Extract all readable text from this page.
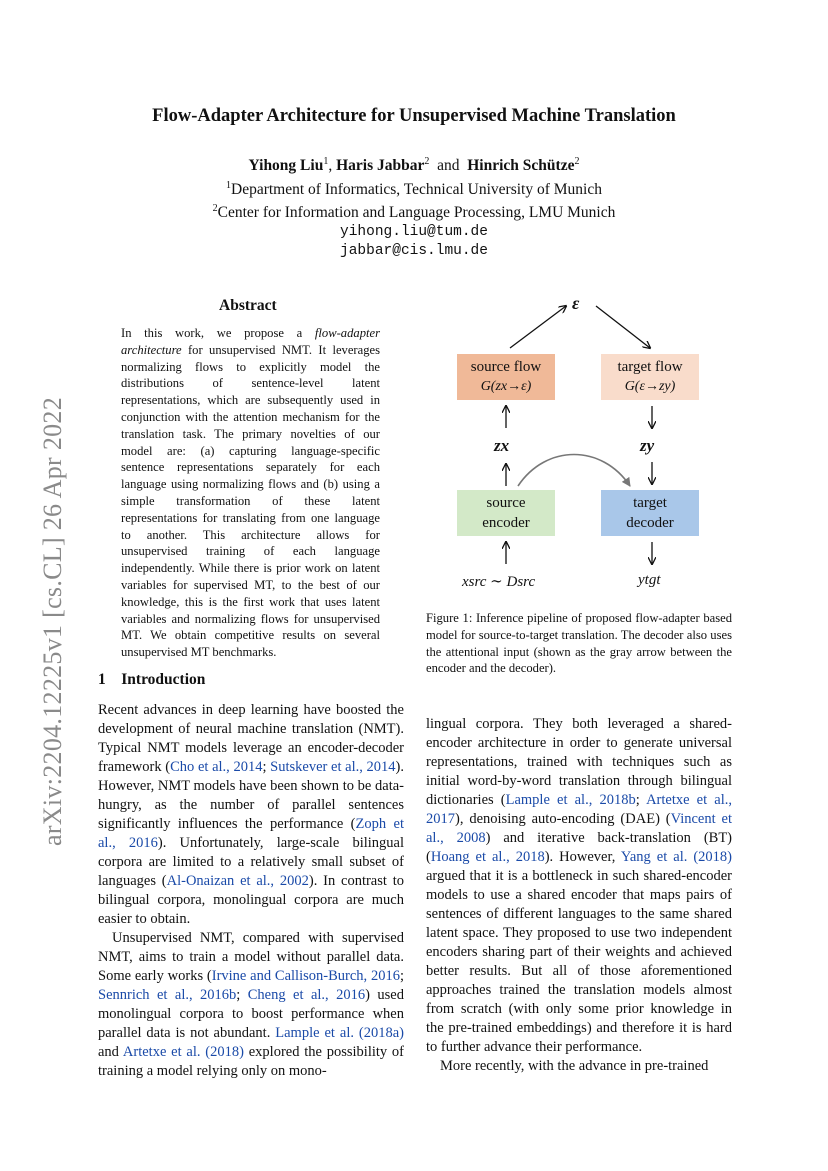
arXiv:2204.12225v1 [cs.CL] 26 Apr 2022
Flow-Adapter Architecture for Unsupervised Machine Translation
Yihong Liu$^1$, Haris Jabbar$^2$ and Hinrich Schütze$^2$
$^1$Department of Informatics, Technical University of Munich
$^2$Center for Information and Language Processing, LMU Munich
yihong.liu@tum.de
jabbar@cis.lmu.de
Abstract
In this work, we propose a flow-adapter architecture for unsupervised NMT. It leverages normalizing flows to explicitly model the distributions of sentence-level latent representations, which are subsequently used in conjunction with the attention mechanism for the translation task. The primary novelties of our model are: (a) capturing language-specific sentence representations separately for each language using normalizing flows and (b) using a simple transformation of these latent representations for translating from one language to another. This architecture allows for unsupervised training of each language independently. While there is prior work on latent variables for supervised MT, to the best of our knowledge, this is the first work that uses latent variables and normalizing flows for unsupervised MT. We obtain competitive results on several unsupervised MT benchmarks.
ε
source flow
G(zx→ε)
target flow
G(ε→zy)
zx	zy
source
encoder
target
decoder
xsrc ∼ Dsrc	ytgt
Figure 1: Inference pipeline of proposed flow-adapter based model for source-to-target translation. The decoder also uses the attentional input (shown as the gray arrow between the encoder and the decoder).
1 Introduction

Recent advances in deep learning have boosted the development of neural machine translation (NMT). Typical NMT models leverage an encoder-decoder framework (Cho et al., 2014; Sutskever et al., 2014). However, NMT models have been shown to be data-hungry, as the number of parallel sentences significantly influences the performance (Zoph et al., 2016). Unfortunately, large-scale bilingual corpora are limited to a relatively small subset of languages (Al-Onaizan et al., 2002). In contrast to bilingual corpora, monolingual corpora are much easier to obtain.

Unsupervised NMT, compared with supervised NMT, aims to train a model without parallel data. Some early works (Irvine and Callison-Burch, 2016; Sennrich et al., 2016b; Cheng et al., 2016) used monolingual corpora to boost performance when parallel data is not abundant. Lample et al. (2018a) and Artetxe et al. (2018) explored the possibility of training a model relying only on mono-

lingual corpora. They both leveraged a shared-encoder architecture in order to generate universal representations, trained with techniques such as initial word-by-word translation through bilingual dictionaries (Lample et al., 2018b; Artetxe et al., 2017), denoising auto-encoding (DAE) (Vincent et al., 2008) and iterative back-translation (BT) (Hoang et al., 2018). However, Yang et al. (2018) argued that it is a bottleneck in such shared-encoder models to use a shared encoder that maps pairs of sentences of different languages to the same shared latent space. They proposed to use two independent encoders sharing part of their weights and achieved better results. But all of those aforementioned approaches trained the translation models almost from scratch (with only some prior knowledge in the pre-trained embeddings) and therefore it is hard to further advance their performance.

More recently, with the advance in pre-trained
